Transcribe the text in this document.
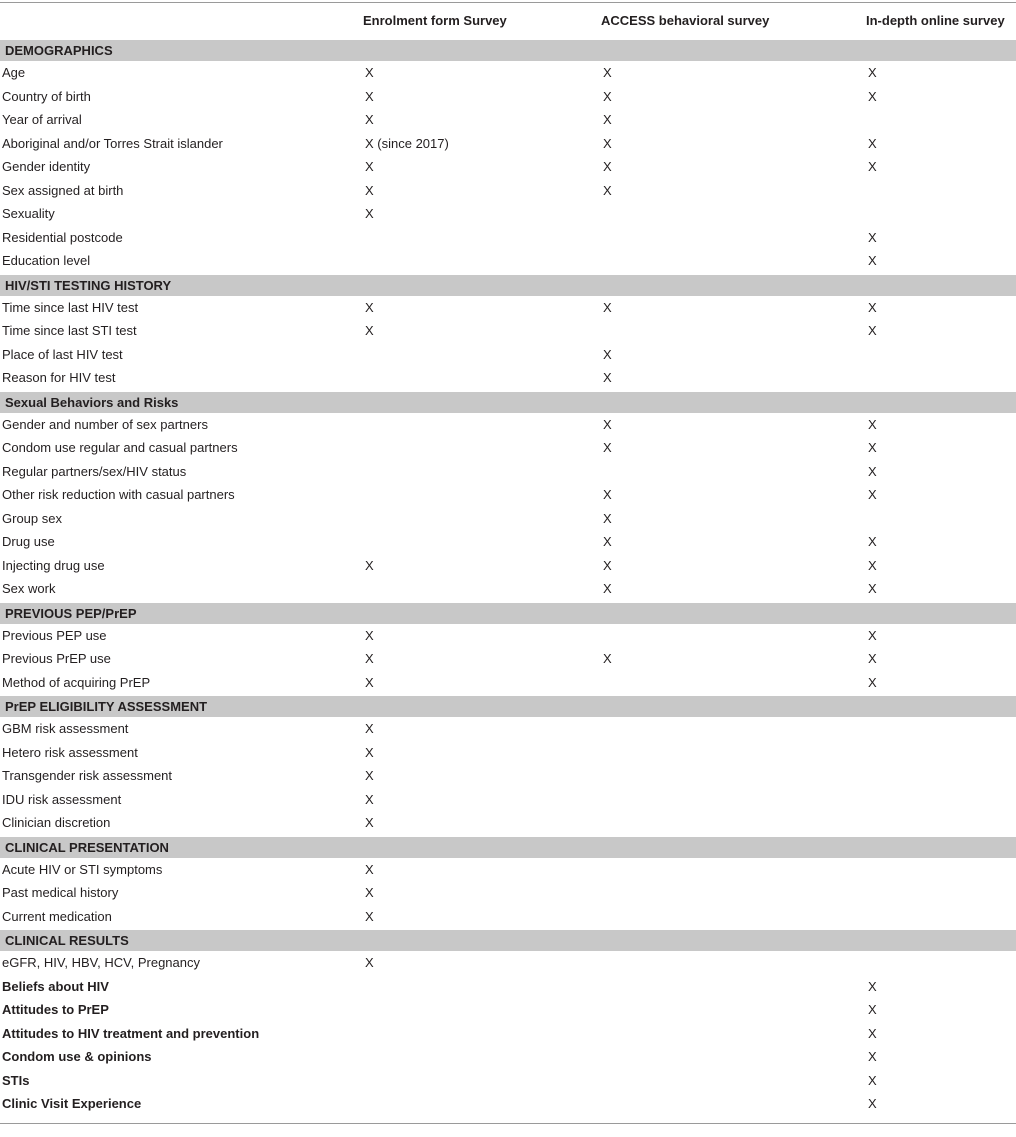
	Enrolment form Survey	ACCESS behavioral survey	In-depth online survey
DEMOGRAPHICS			
Age	X	X	X
Country of birth	X	X	X
Year of arrival	X	X	
Aboriginal and/or Torres Strait islander	X (since 2017)	X	X
Gender identity	X	X	X
Sex assigned at birth	X	X	
Sexuality	X		
Residential postcode			X
Education level			X
HIV/STI TESTING HISTORY			
Time since last HIV test	X	X	X
Time since last STI test	X		X
Place of last HIV test		X	
Reason for HIV test		X	
Sexual Behaviors and Risks			
Gender and number of sex partners		X	X
Condom use regular and casual partners		X	X
Regular partners/sex/HIV status			X
Other risk reduction with casual partners		X	X
Group sex		X	
Drug use		X	X
Injecting drug use	X	X	X
Sex work		X	X
PREVIOUS PEP/PrEP			
Previous PEP use	X		X
Previous PrEP use	X	X	X
Method of acquiring PrEP	X		X
PrEP ELIGIBILITY ASSESSMENT			
GBM risk assessment	X		
Hetero risk assessment	X		
Transgender risk assessment	X		
IDU risk assessment	X		
Clinician discretion	X		
CLINICAL PRESENTATION			
Acute HIV or STI symptoms	X		
Past medical history	X		
Current medication	X		
CLINICAL RESULTS			
eGFR, HIV, HBV, HCV, Pregnancy	X		
Beliefs about HIV			X
Attitudes to PrEP			X
Attitudes to HIV treatment and prevention			X
Condom use & opinions			X
STIs			X
Clinic Visit Experience			X
